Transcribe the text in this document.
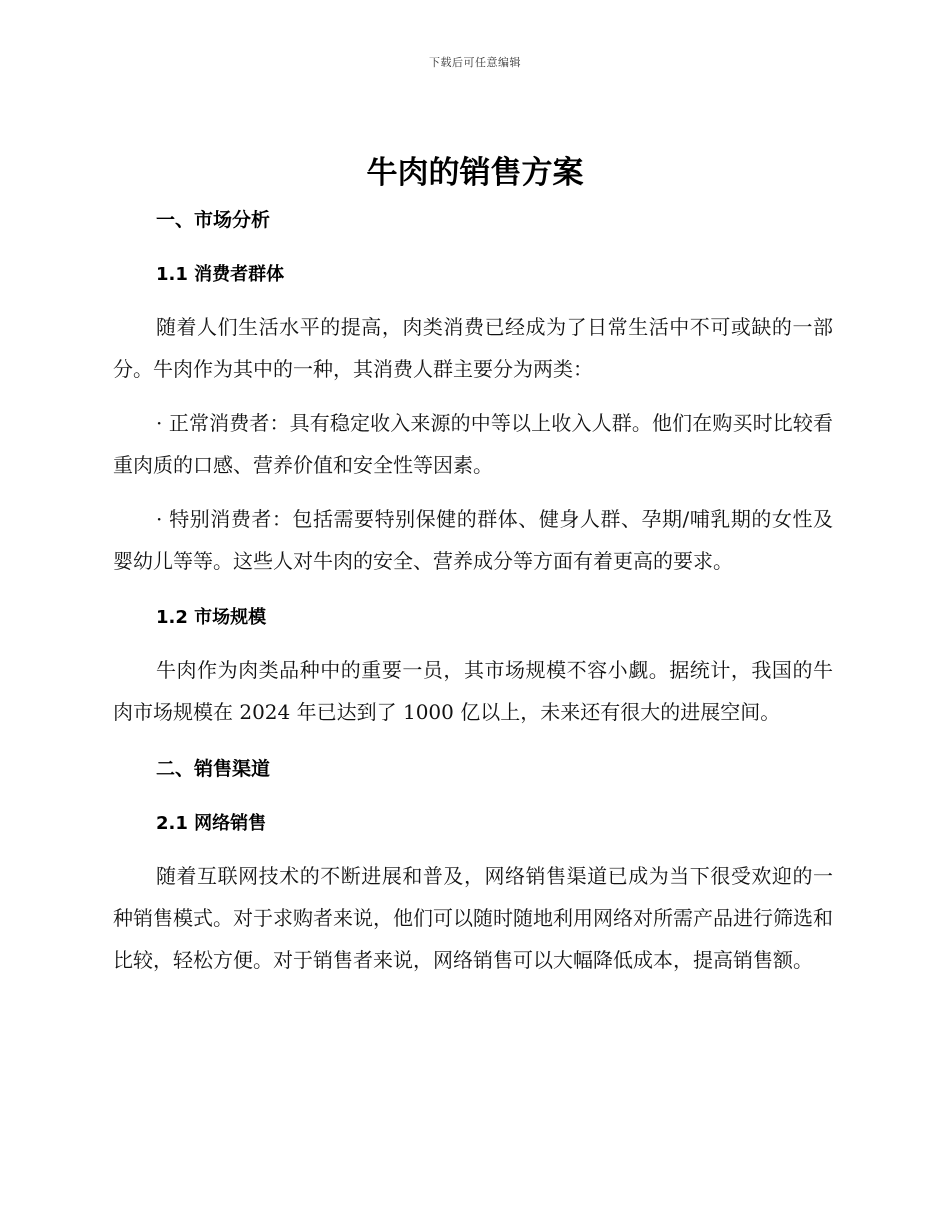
下载后可任意编辑
牛肉的销售方案
一、市场分析
1.1 消费者群体
随着人们生活水平的提高，肉类消费已经成为了日常生活中不可或缺的一部分。牛肉作为其中的一种，其消费人群主要分为两类：
· 正常消费者：具有稳定收入来源的中等以上收入人群。他们在购买时比较看重肉质的口感、营养价值和安全性等因素。
· 特别消费者：包括需要特别保健的群体、健身人群、孕期/哺乳期的女性及婴幼儿等等。这些人对牛肉的安全、营养成分等方面有着更高的要求。
1.2 市场规模
牛肉作为肉类品种中的重要一员，其市场规模不容小觑。据统计，我国的牛肉市场规模在 2024 年已达到了 1000 亿以上，未来还有很大的进展空间。
二、销售渠道
2.1 网络销售
随着互联网技术的不断进展和普及，网络销售渠道已成为当下很受欢迎的一种销售模式。对于求购者来说，他们可以随时随地利用网络对所需产品进行筛选和比较，轻松方便。对于销售者来说，网络销售可以大幅降低成本，提高销售额。
